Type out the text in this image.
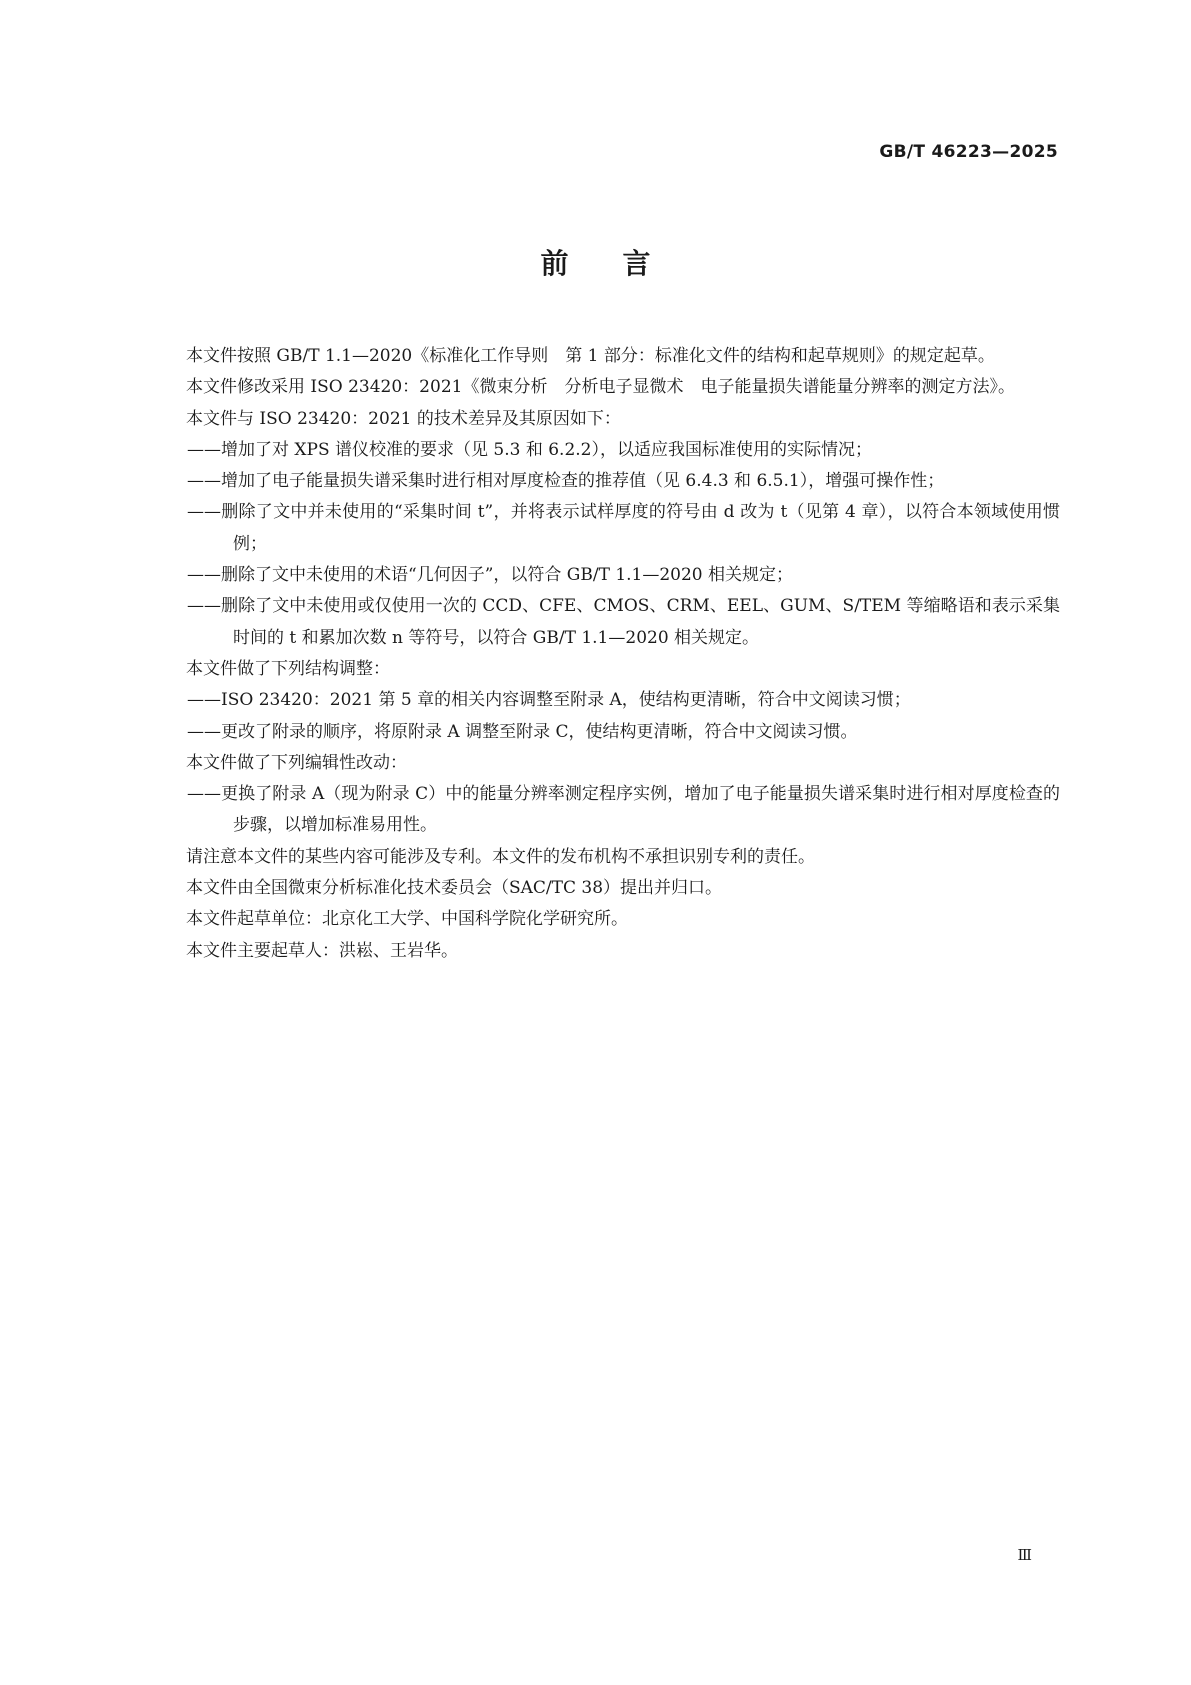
GB/T 46223—2025
前言

本文件按照 GB/T 1.1—2020《标准化工作导则　第 1 部分：标准化文件的结构和起草规则》的规定起草。

本文件修改采用 ISO 23420：2021《微束分析　分析电子显微术　电子能量损失谱能量分辨率的测定方法》。

本文件与 ISO 23420：2021 的技术差异及其原因如下：

——增加了对 XPS 谱仪校准的要求（见 5.3 和 6.2.2），以适应我国标准使用的实际情况；

——增加了电子能量损失谱采集时进行相对厚度检查的推荐值（见 6.4.3 和 6.5.1），增强可操作性；

——删除了文中并未使用的“采集时间 t”，并将表示试样厚度的符号由 d 改为 t（见第 4 章），以符合本领域使用惯例；

——删除了文中未使用的术语“几何因子”，以符合 GB/T 1.1—2020 相关规定；

——删除了文中未使用或仅使用一次的 CCD、CFE、CMOS、CRM、EEL、GUM、S/TEM 等缩略语和表示采集时间的 t 和累加次数 n 等符号，以符合 GB/T 1.1—2020 相关规定。

本文件做了下列结构调整：

——ISO 23420：2021 第 5 章的相关内容调整至附录 A，使结构更清晰，符合中文阅读习惯；

——更改了附录的顺序，将原附录 A 调整至附录 C，使结构更清晰，符合中文阅读习惯。

本文件做了下列编辑性改动：

——更换了附录 A（现为附录 C）中的能量分辨率测定程序实例，增加了电子能量损失谱采集时进行相对厚度检查的步骤，以增加标准易用性。

请注意本文件的某些内容可能涉及专利。本文件的发布机构不承担识别专利的责任。

本文件由全国微束分析标准化技术委员会（SAC/TC 38）提出并归口。

本文件起草单位：北京化工大学、中国科学院化学研究所。

本文件主要起草人：洪崧、王岩华。

Ⅲ
